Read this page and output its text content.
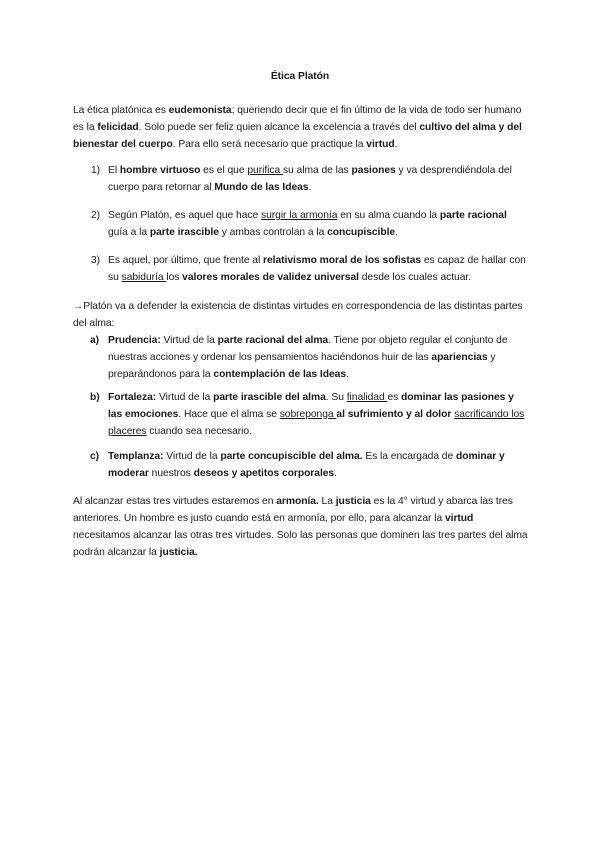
Ética Platón
La ética platónica es eudemonista; queriendo decir que el fin último de la vida de todo ser humano es la felicidad. Solo puede ser feliz quien alcance la excelencia a través del cultivo del alma y del bienestar del cuerpo. Para ello será necesario que practique la virtud.
1) El hombre virtuoso es el que purifica su alma de las pasiones y va desprendiéndola del cuerpo para retornar al Mundo de las Ideas.
2) Según Platón, es aquel que hace surgir la armonía en su alma cuando la parte racional guía a la parte irascible y ambas controlan a la concupiscible.
3) Es aquel, por último, que frente al relativismo moral de los sofistas es capaz de hallar con su sabiduría los valores morales de validez universal desde los cuales actuar.
→Platón va a defender la existencia de distintas virtudes en correspondencia de las distintas partes del alma:
a) Prudencia: Virtud de la parte racional del alma. Tiene por objeto regular el conjunto de nuestras acciones y ordenar los pensamientos haciéndonos huir de las apariencias y preparándonos para la contemplación de las Ideas.
b) Fortaleza: Virtud de la parte irascible del alma. Su finalidad es dominar las pasiones y las emociones. Hace que el alma se sobreponga al sufrimiento y al dolor sacrificando los placeres cuando sea necesario.
c) Templanza: Virtud de la parte concupiscible del alma. Es la encargada de dominar y moderar nuestros deseos y apetitos corporales.
Al alcanzar estas tres virtudes estaremos en armonía. La justicia es la 4° virtud y abarca las tres anteriores. Un hombre es justo cuando está en armonía, por ello, para alcanzar la virtud necesitamos alcanzar las otras tres virtudes. Solo las personas que dominen las tres partes del alma podrán alcanzar la justicia.
